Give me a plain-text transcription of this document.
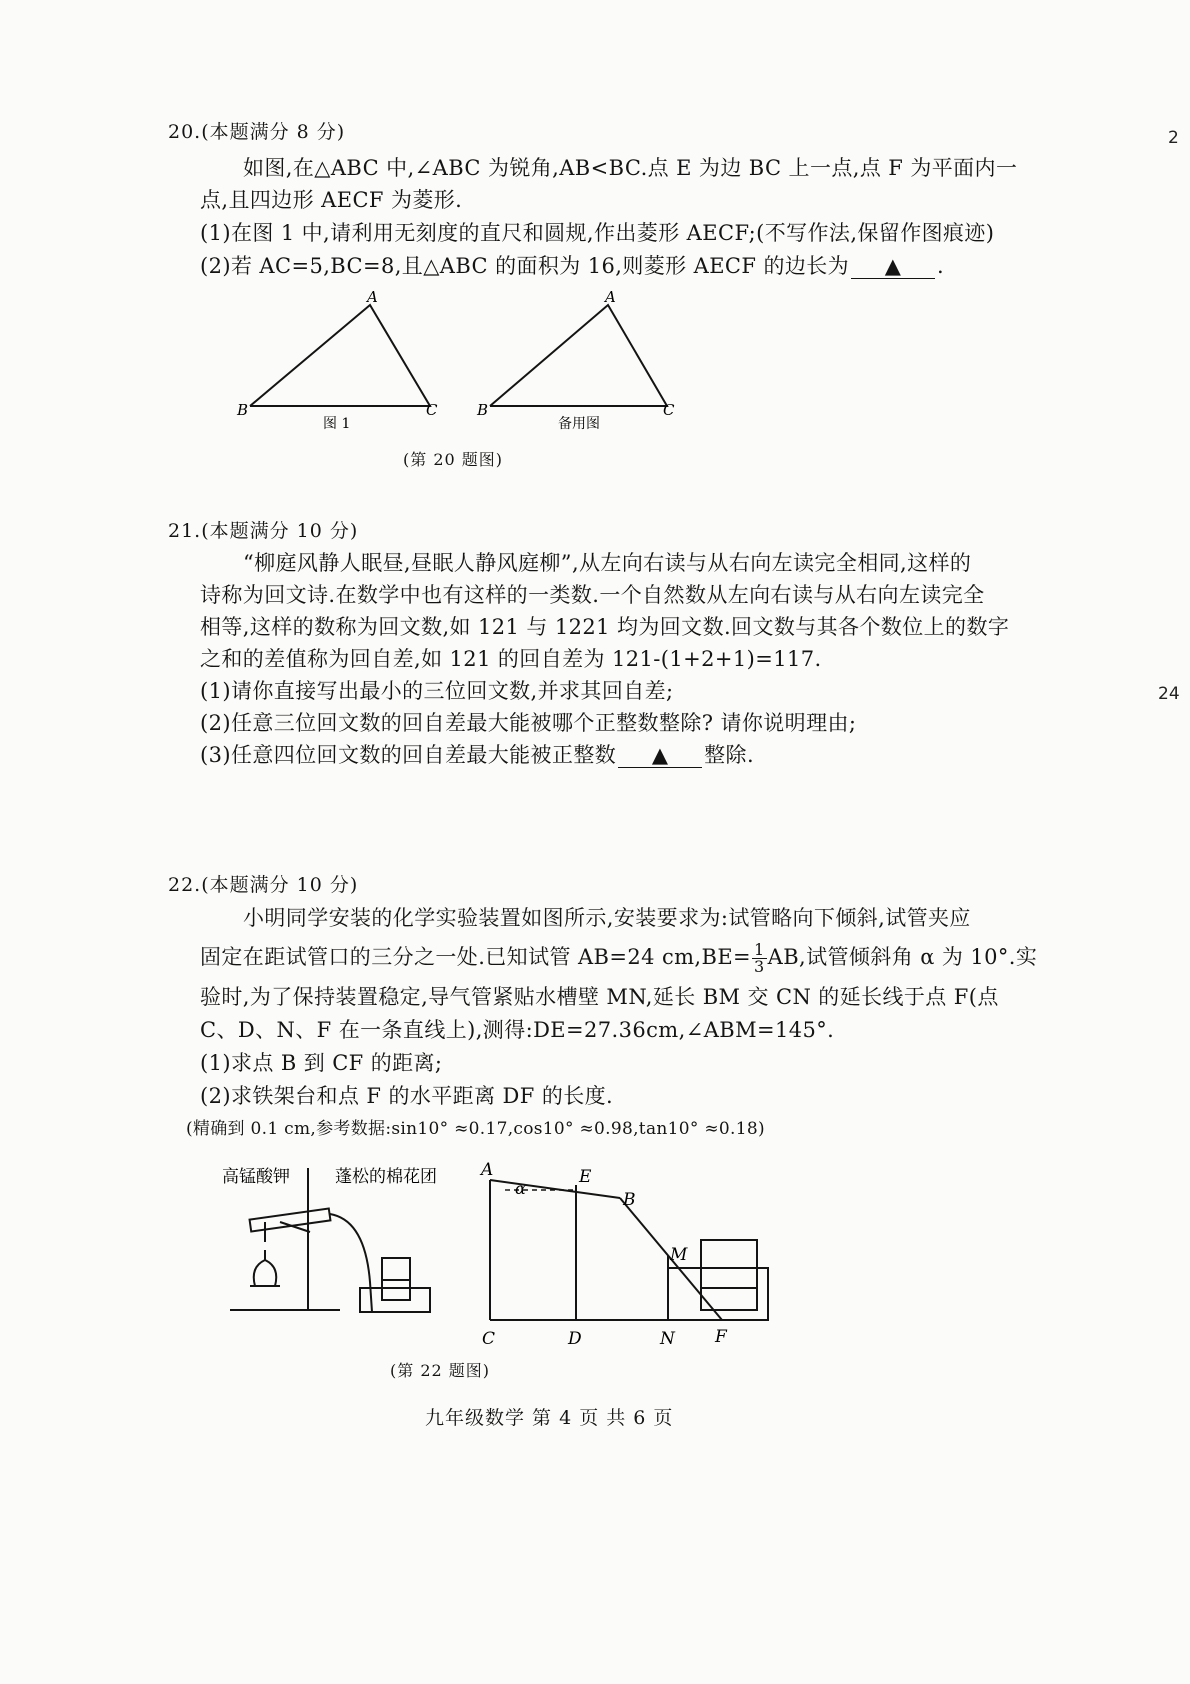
2
24
20.(本题满分 8 分)
如图,在△ABC 中,∠ABC 为锐角,AB<BC.点 E 为边 BC 上一点,点 F 为平面内一
点,且四边形 AECF 为菱形.
(1)在图 1 中,请利用无刻度的直尺和圆规,作出菱形 AECF;(不写作法,保留作图痕迹)
(2)若 AC=5,BC=8,且△ABC 的面积为 16,则菱形 AECF 的边长为 ▲ .
A
B	C
图 1
A
B	C
备用图
(第 20 题图)
21.(本题满分 10 分)
“柳庭风静人眠昼,昼眠人静风庭柳”,从左向右读与从右向左读完全相同,这样的
诗称为回文诗.在数学中也有这样的一类数.一个自然数从左向右读与从右向左读完全
相等,这样的数称为回文数,如 121 与 1221 均为回文数.回文数与其各个数位上的数字
之和的差值称为回自差,如 121 的回自差为 121-(1+2+1)=117.
(1)请你直接写出最小的三位回文数,并求其回自差;
(2)任意三位回文数的回自差最大能被哪个正整数整除? 请你说明理由;
(3)任意四位回文数的回自差最大能被正整数 ▲ 整除.
22.(本题满分 10 分)
小明同学安装的化学实验装置如图所示,安装要求为:试管略向下倾斜,试管夹应
固定在距试管口的三分之一处.已知试管 AB=24 $cm,BE= \frac{1}{3}$ AB,试管倾斜角 α 为 10°.实
验时,为了保持装置稳定,导气管紧贴水槽壁 MN,延长 BM 交 CN 的延长线于点 F(点
C、D、N、F 在一条直线上),测得:DE=27.36cm,∠ABM=145°.
(1)求点 B 到 CF 的距离;
(2)求铁架台和点 F 的水平距离 DF 的长度.
(精确到 0.1 cm,参考数据:sin10° ≈0.17,cos10° ≈0.98,tan10° ≈0.18)
高锰酸钾	蓬松的棉花团	A	E
B
M
C	D	N F
α
(第 22 题图)
九年级数学 第 4 页 共 6 页
